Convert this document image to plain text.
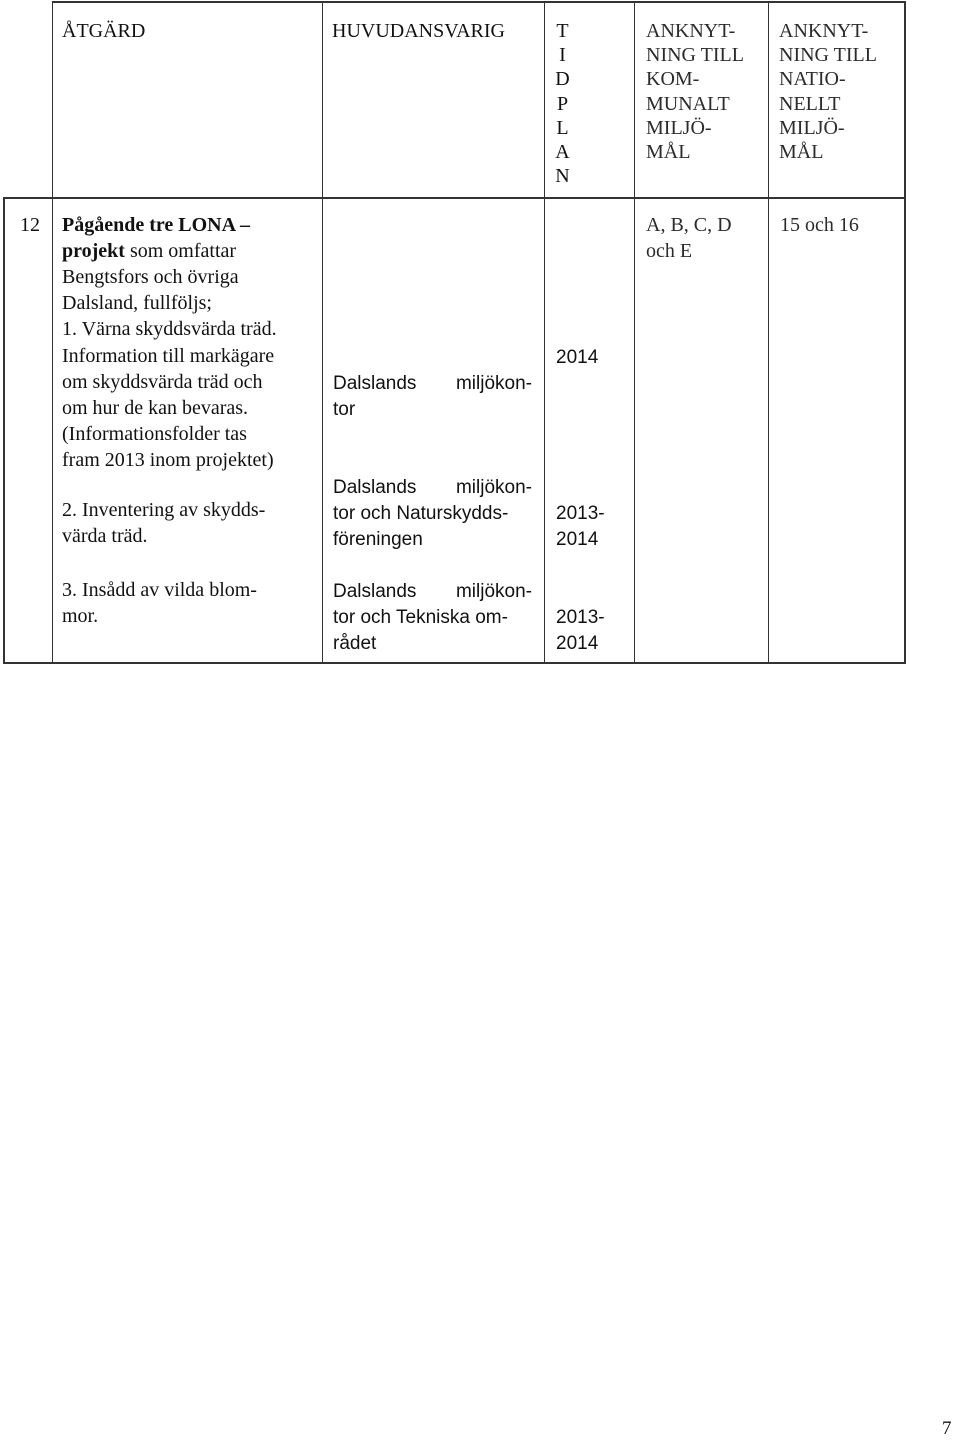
ÅTGÄRD	HUVUDANSVARIG	T
I
D
P
L
A
N
ANKNYT-
NING TILL
KOM-
MUNALT
MILJÖ-
MÅL
ANKNYT-
NING TILL
NATIO-
NELLT
MILJÖ-
MÅL
12 Pågående tre LONA –
projekt som omfattar
Bengtsfors och övriga
Dalsland, fullföljs;
1. Värna skyddsvärda träd.
Information till markägare
om skyddsvärda träd och
om hur de kan bevaras.
(Informationsfolder tas
fram 2013 inom projektet)
2. Inventering av skydds-
värda träd.
3. Insådd av vilda blom-
mor.
Dalslands miljökon-
tor
Dalslands miljökon-
tor och Naturskydds-
föreningen
Dalslands miljökon-
tor och Tekniska om-
rådet
2014
2013-
2014
2013-
2014
A, B, C, D
och E
15 och 16
7
